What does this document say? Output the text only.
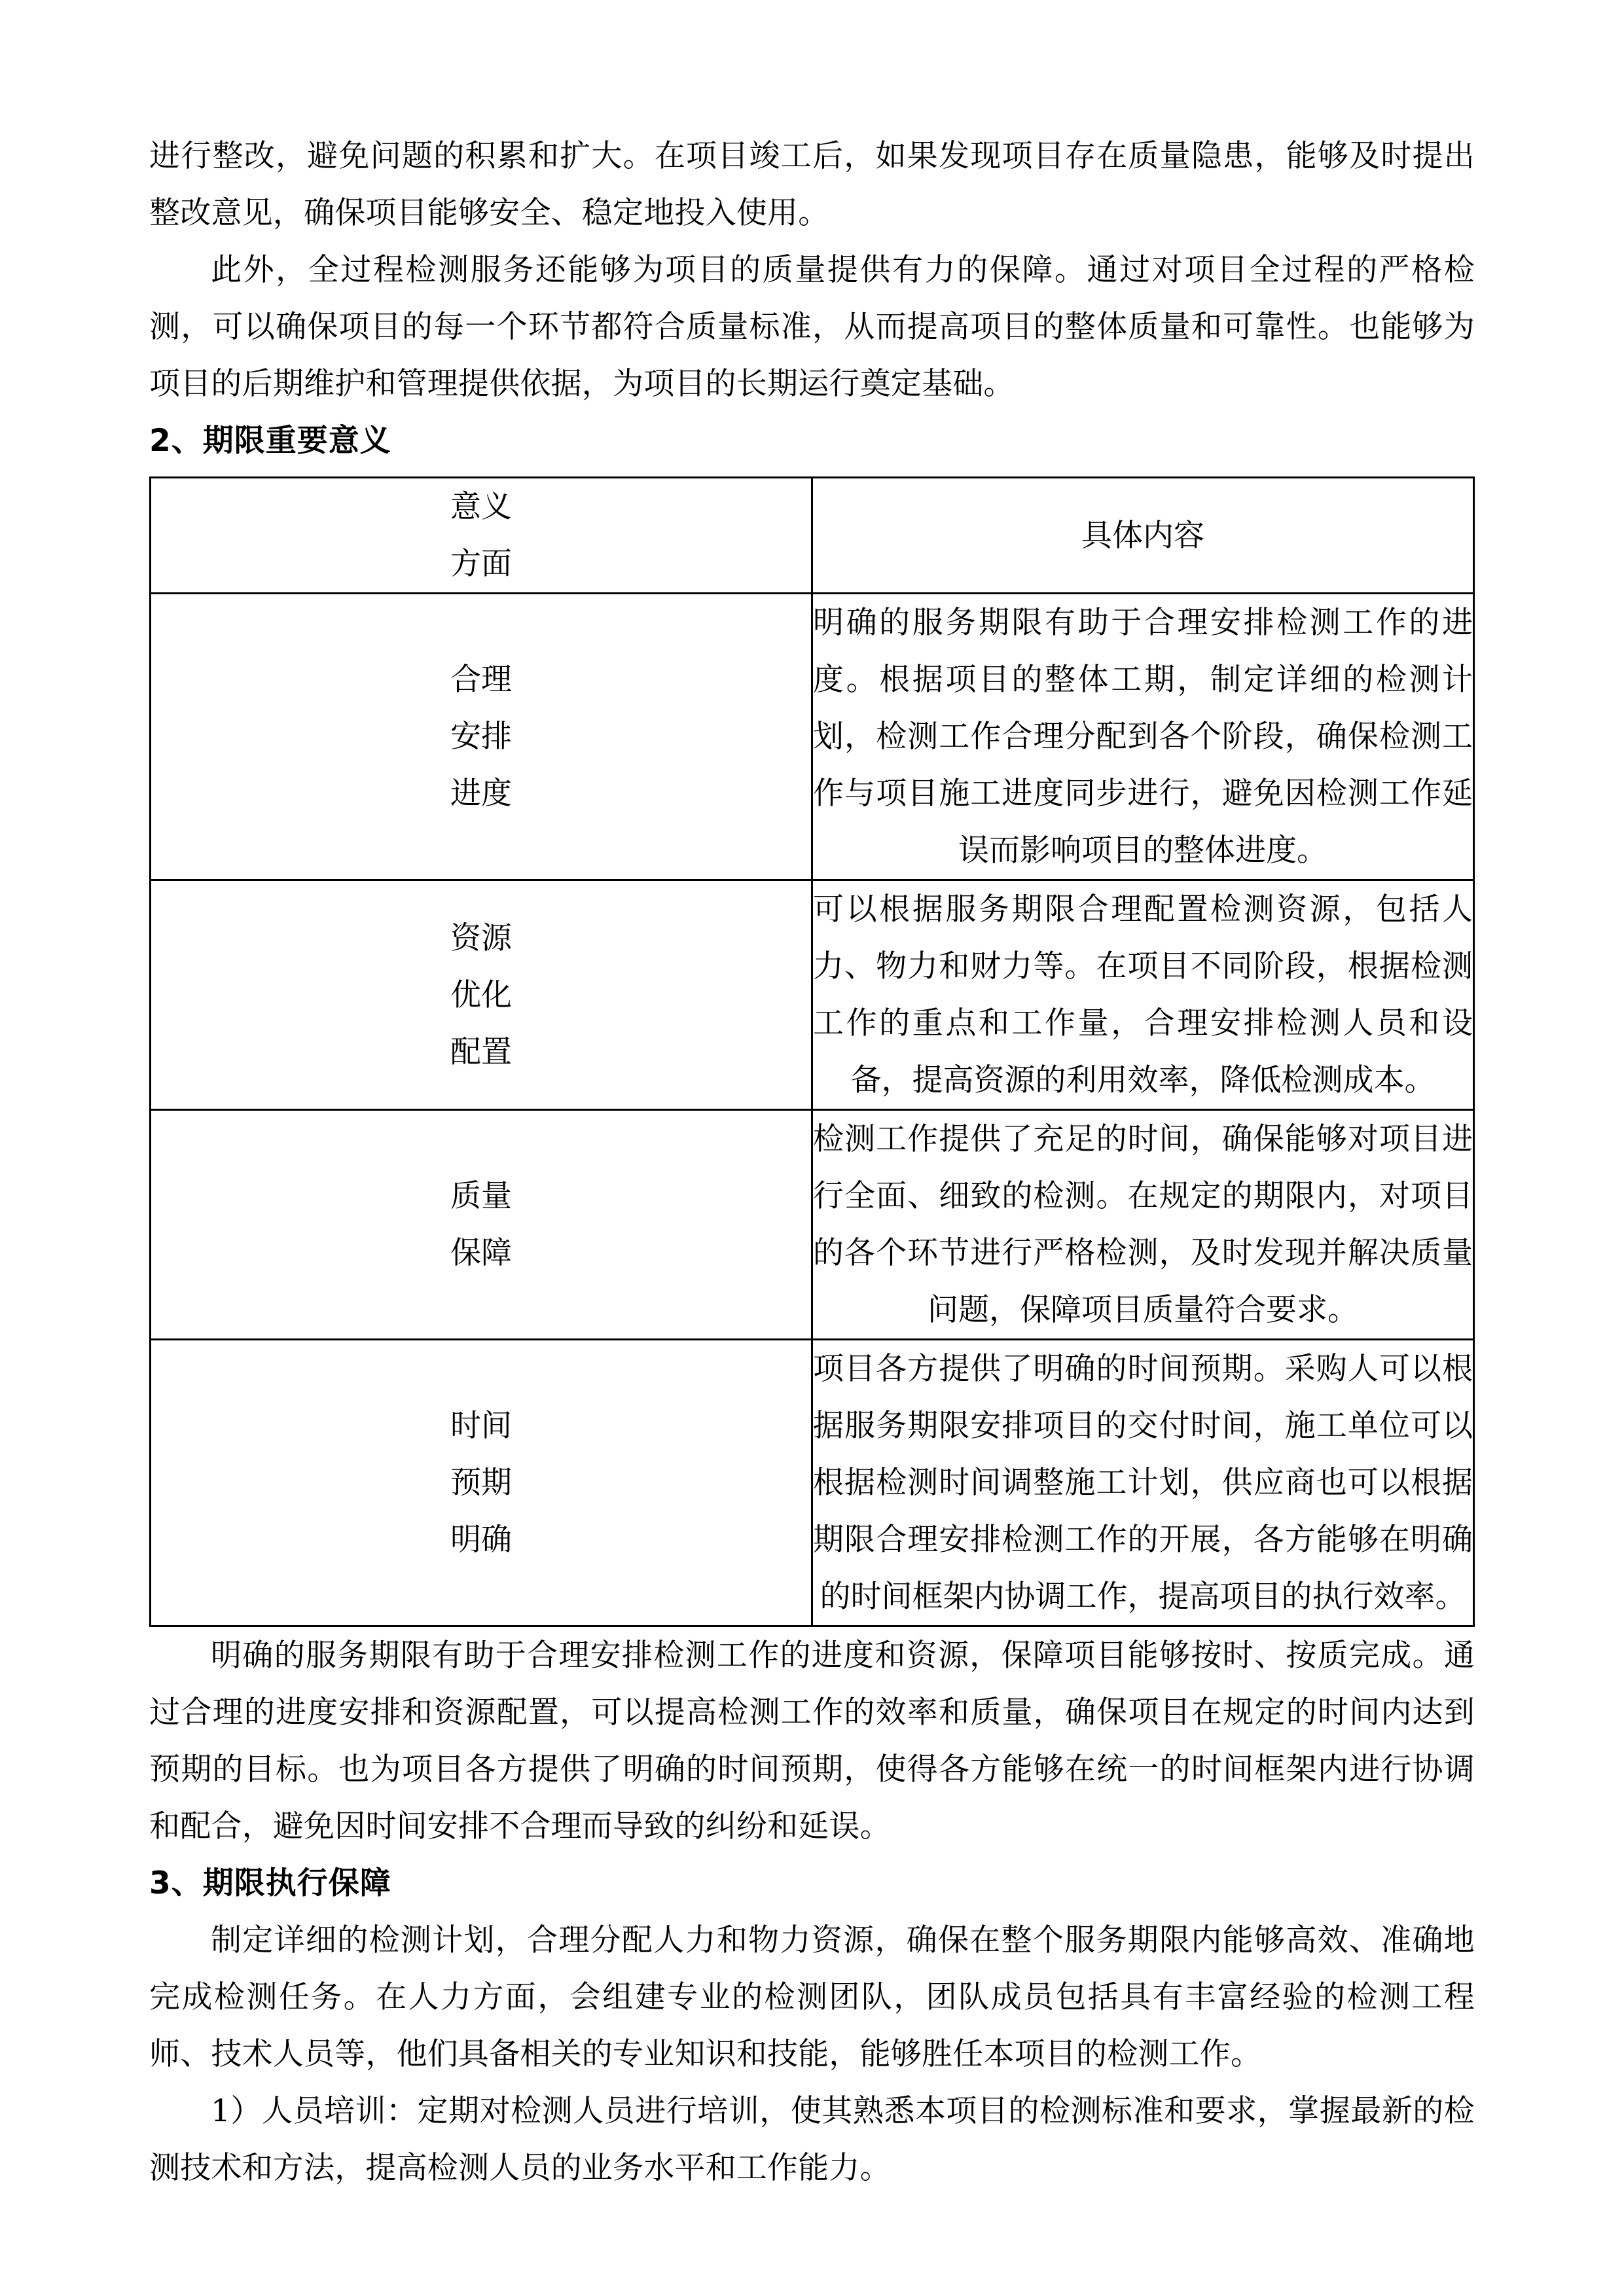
进行整改，避免问题的积累和扩大。在项目竣工后，如果发现项目存在质量隐患，能够及时提出整改意见，确保项目能够安全、稳定地投入使用。

此外，全过程检测服务还能够为项目的质量提供有力的保障。通过对项目全过程的严格检测，可以确保项目的每一个环节都符合质量标准，从而提高项目的整体质量和可靠性。也能够为项目的后期维护和管理提供依据，为项目的长期运行奠定基础。

2、期限重要意义
意义
方面	具体内容

合理
安排
进度	明确的服务期限有助于合理安排检测工作的进度。根据项目的整体工期，制定详细的检测计划，检测工作合理分配到各个阶段，确保检测工作与项目施工进度同步进行，避免因检测工作延误而影响项目的整体进度。

资源
优化
配置	可以根据服务期限合理配置检测资源，包括人力、物力和财力等。在项目不同阶段，根据检测工作的重点和工作量，合理安排检测人员和设备，提高资源的利用效率，降低检测成本。

质量
保障	检测工作提供了充足的时间，确保能够对项目进行全面、细致的检测。在规定的期限内，对项目的各个环节进行严格检测，及时发现并解决质量问题，保障项目质量符合要求。

时间
预期
明确	项目各方提供了明确的时间预期。采购人可以根据服务期限安排项目的交付时间，施工单位可以根据检测时间调整施工计划，供应商也可以根据期限合理安排检测工作的开展，各方能够在明确的时间框架内协调工作，提高项目的执行效率。

明确的服务期限有助于合理安排检测工作的进度和资源，保障项目能够按时、按质完成。通过合理的进度安排和资源配置，可以提高检测工作的效率和质量，确保项目在规定的时间内达到预期的目标。也为项目各方提供了明确的时间预期，使得各方能够在统一的时间框架内进行协调和配合，避免因时间安排不合理而导致的纠纷和延误。

3、期限执行保障

制定详细的检测计划，合理分配人力和物力资源，确保在整个服务期限内能够高效、准确地完成检测任务。在人力方面，会组建专业的检测团队，团队成员包括具有丰富经验的检测工程师、技术人员等，他们具备相关的专业知识和技能，能够胜任本项目的检测工作。

1）人员培训：定期对检测人员进行培训，使其熟悉本项目的检测标准和要求，掌握最新的检测技术和方法，提高检测人员的业务水平和工作能力。
